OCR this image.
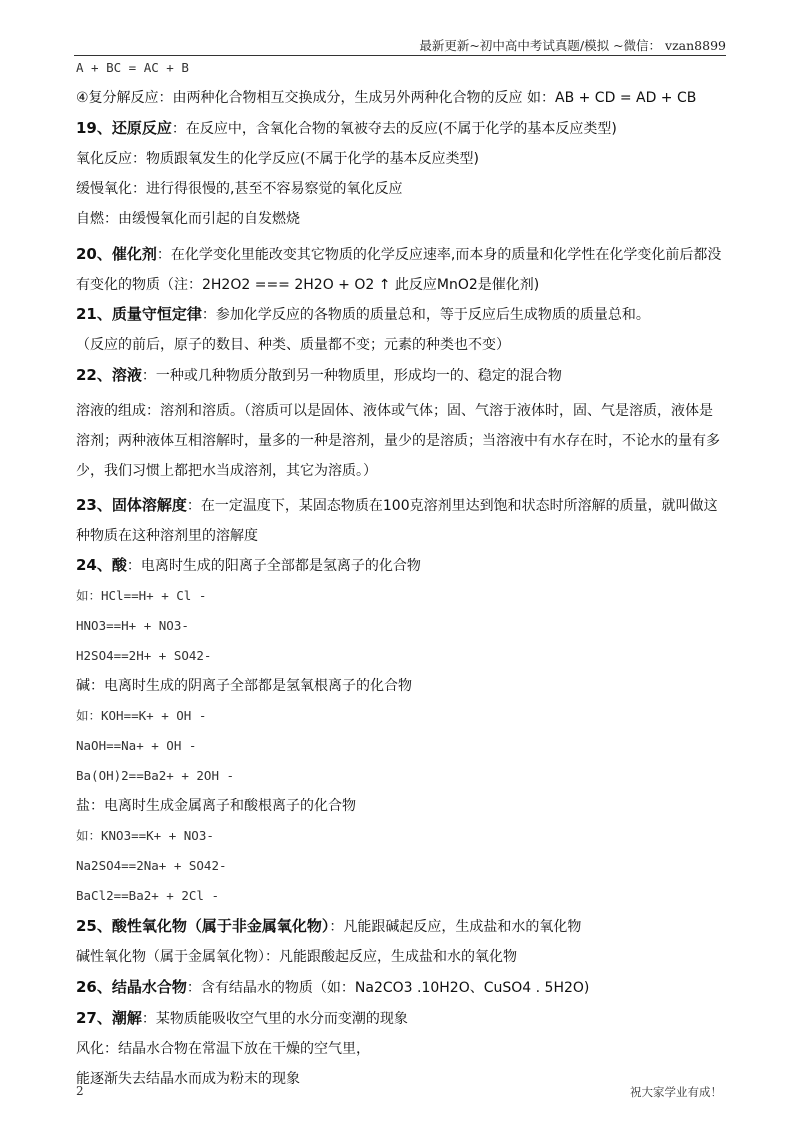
最新更新~初中高中考试真题/模拟 ~微信： vzan8899
A + BC = AC + B
④复分解反应：由两种化合物相互交换成分，生成另外两种化合物的反应 如：AB + CD = AD + CB
19、还原反应：在反应中，含氧化合物的氧被夺去的反应(不属于化学的基本反应类型)
氧化反应：物质跟氧发生的化学反应(不属于化学的基本反应类型)
缓慢氧化：进行得很慢的,甚至不容易察觉的氧化反应
自燃：由缓慢氧化而引起的自发燃烧
20、催化剂：在化学变化里能改变其它物质的化学反应速率,而本身的质量和化学性在化学变化前后都没有变化的物质（注：2H2O2 === 2H2O + O2 ↑ 此反应MnO2是催化剂)
21、质量守恒定律：参加化学反应的各物质的质量总和，等于反应后生成物质的质量总和。
（反应的前后，原子的数目、种类、质量都不变；元素的种类也不变）
22、溶液：一种或几种物质分散到另一种物质里，形成均一的、稳定的混合物
溶液的组成：溶剂和溶质。（溶质可以是固体、液体或气体；固、气溶于液体时，固、气是溶质，液体是溶剂；两种液体互相溶解时，量多的一种是溶剂，量少的是溶质；当溶液中有水存在时，不论水的量有多少，我们习惯上都把水当成溶剂，其它为溶质。）
23、固体溶解度：在一定温度下，某固态物质在100克溶剂里达到饱和状态时所溶解的质量，就叫做这种物质在这种溶剂里的溶解度
24、酸：电离时生成的阳离子全部都是氢离子的化合物
如：HCl==H+ + Cl -
HNO3==H+ + NO3-
H2SO4==2H+ + SO42-
碱：电离时生成的阴离子全部都是氢氧根离子的化合物
如：KOH==K+ + OH -
NaOH==Na+ + OH -
Ba(OH)2==Ba2+ + 2OH -
盐：电离时生成金属离子和酸根离子的化合物
如：KNO3==K+ + NO3-
Na2SO4==2Na+ + SO42-
BaCl2==Ba2+ + 2Cl -
25、酸性氧化物（属于非金属氧化物）：凡能跟碱起反应，生成盐和水的氧化物
碱性氧化物（属于金属氧化物）：凡能跟酸起反应，生成盐和水的氧化物
26、结晶水合物：含有结晶水的物质（如：Na2CO3 .10H2O、CuSO4 . 5H2O)
27、潮解：某物质能吸收空气里的水分而变潮的现象
风化：结晶水合物在常温下放在干燥的空气里，
能逐渐失去结晶水而成为粉末的现象
2	祝大家学业有成！
